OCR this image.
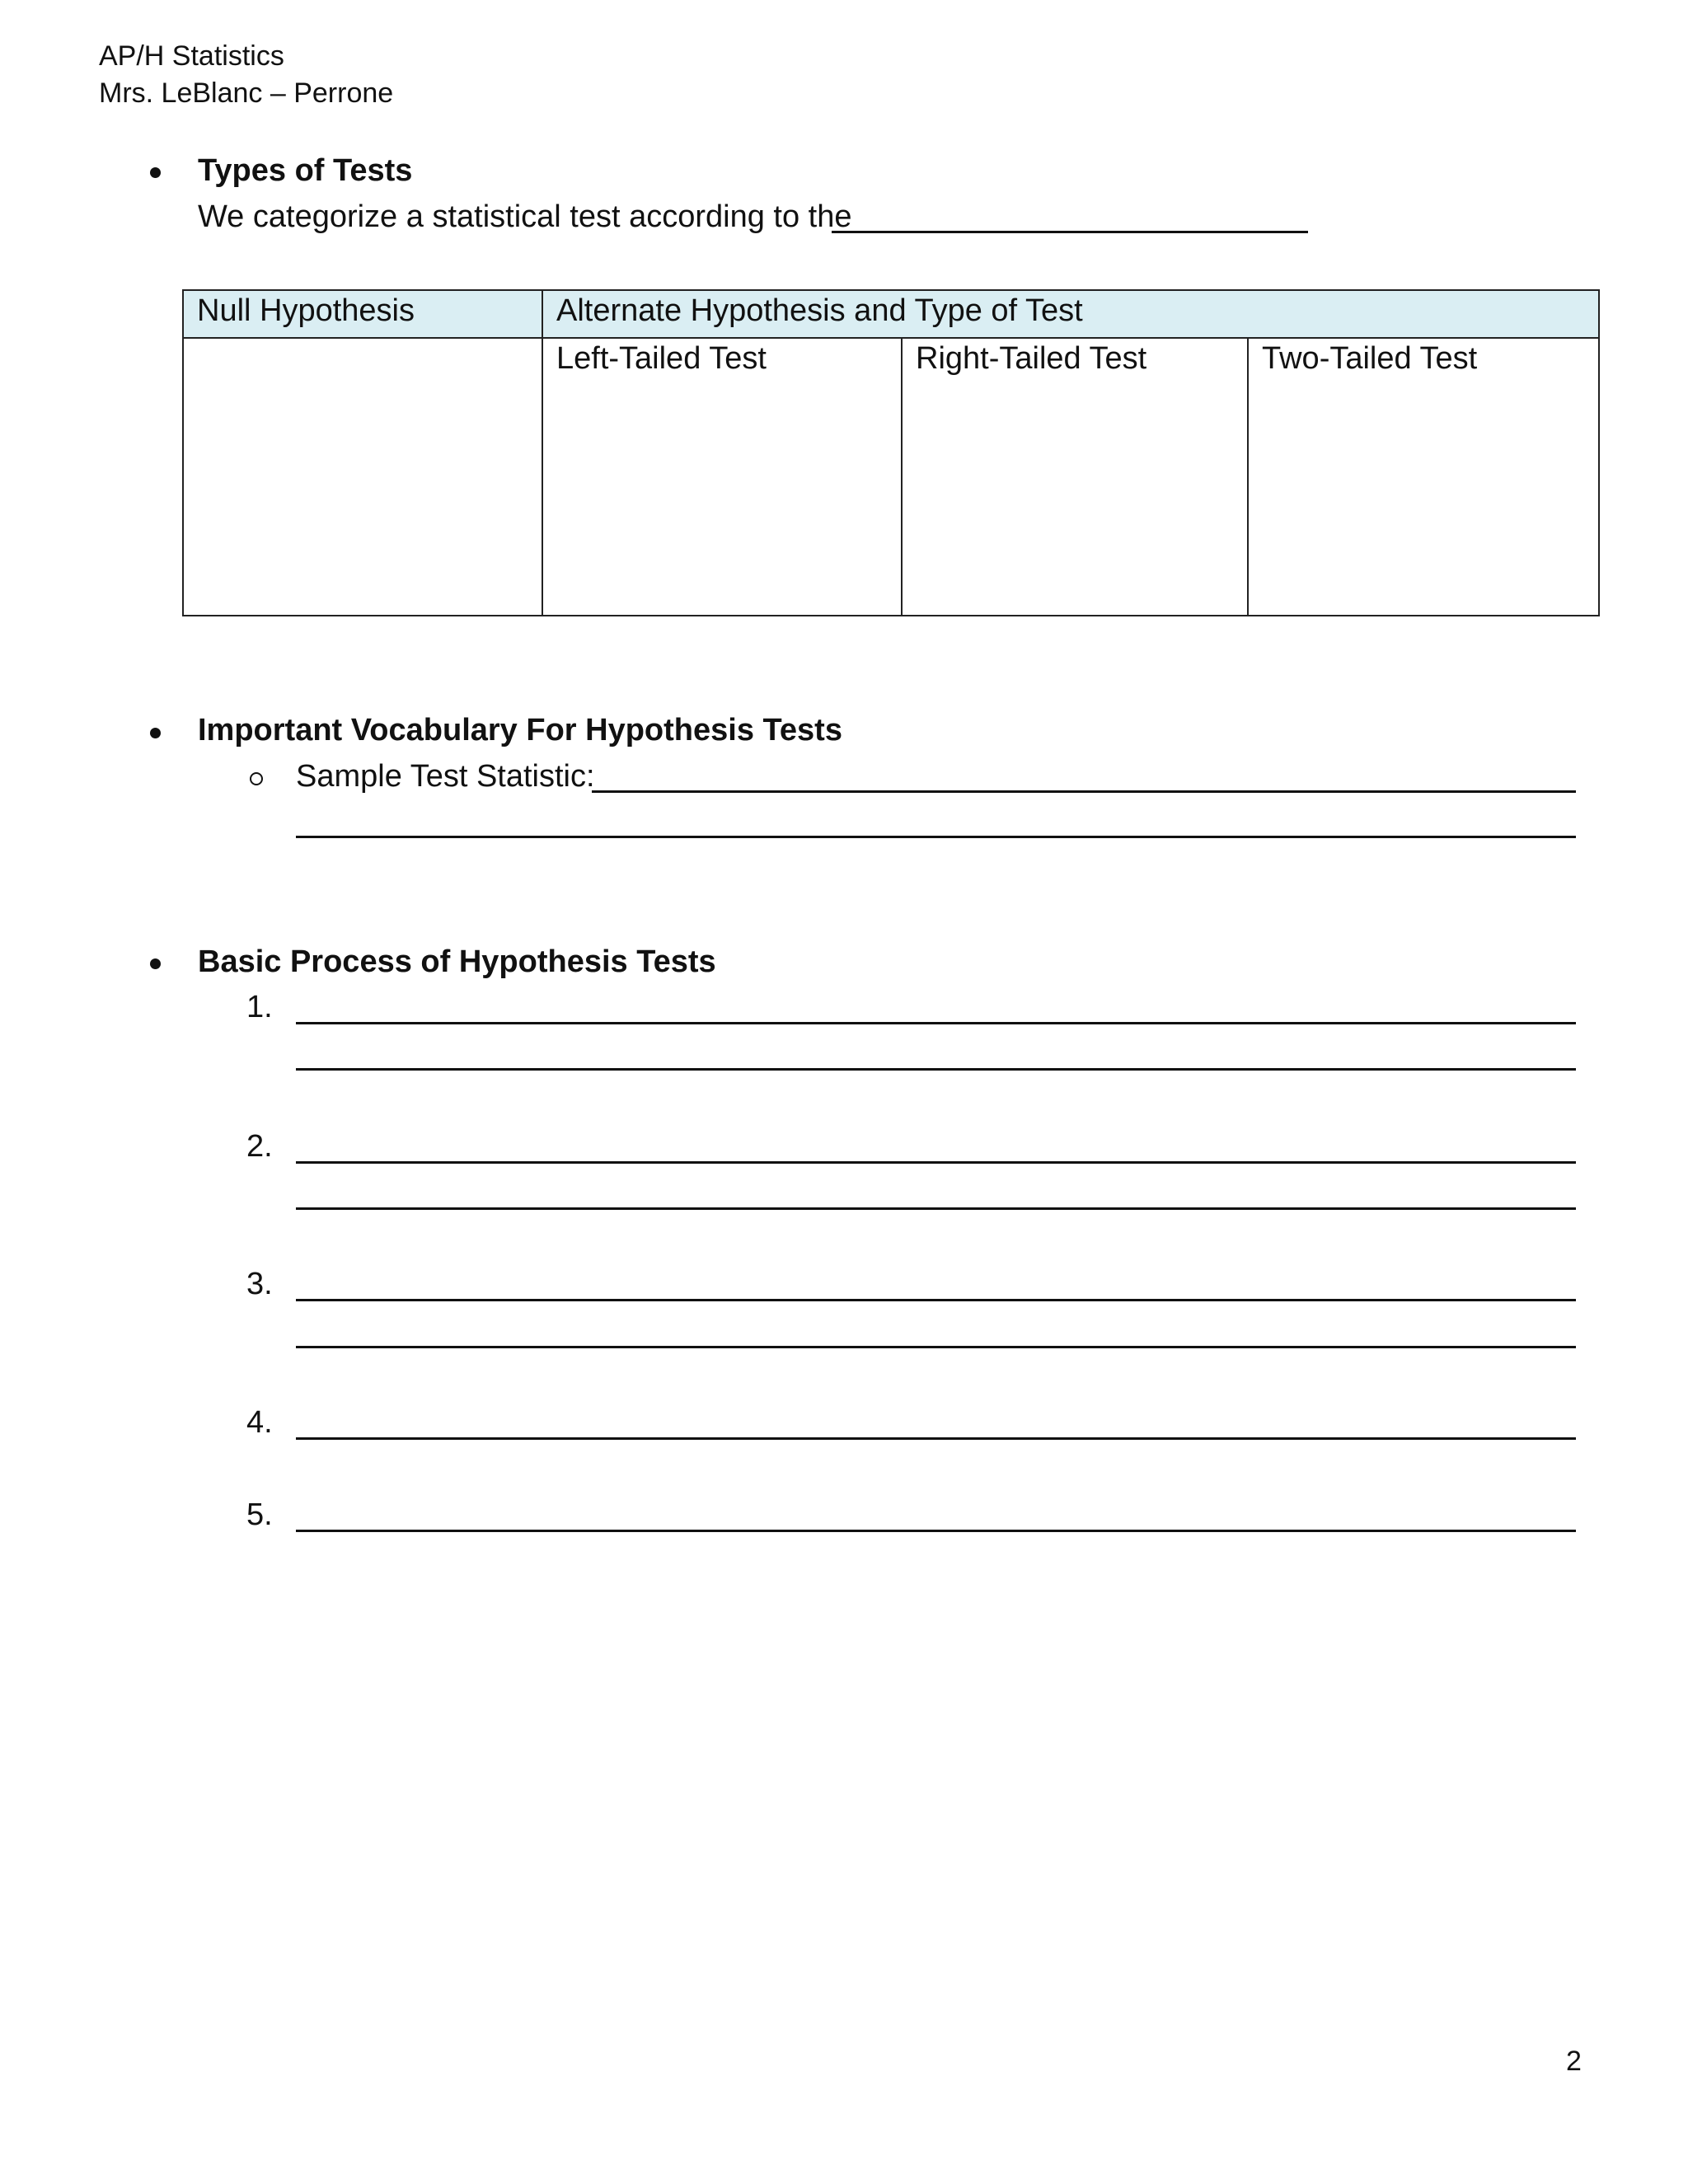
AP/H Statistics
Mrs. LeBlanc – Perrone
Types of Tests
We categorize a statistical test according to the
Null Hypothesis	Alternate Hypothesis and Type of Test		
	Left-Tailed Test	Right-Tailed Test	Two-Tailed Test
Important Vocabulary For Hypothesis Tests
Sample Test Statistic:
Basic Process of Hypothesis Tests
1.
2.
3.
4.
5.
2
